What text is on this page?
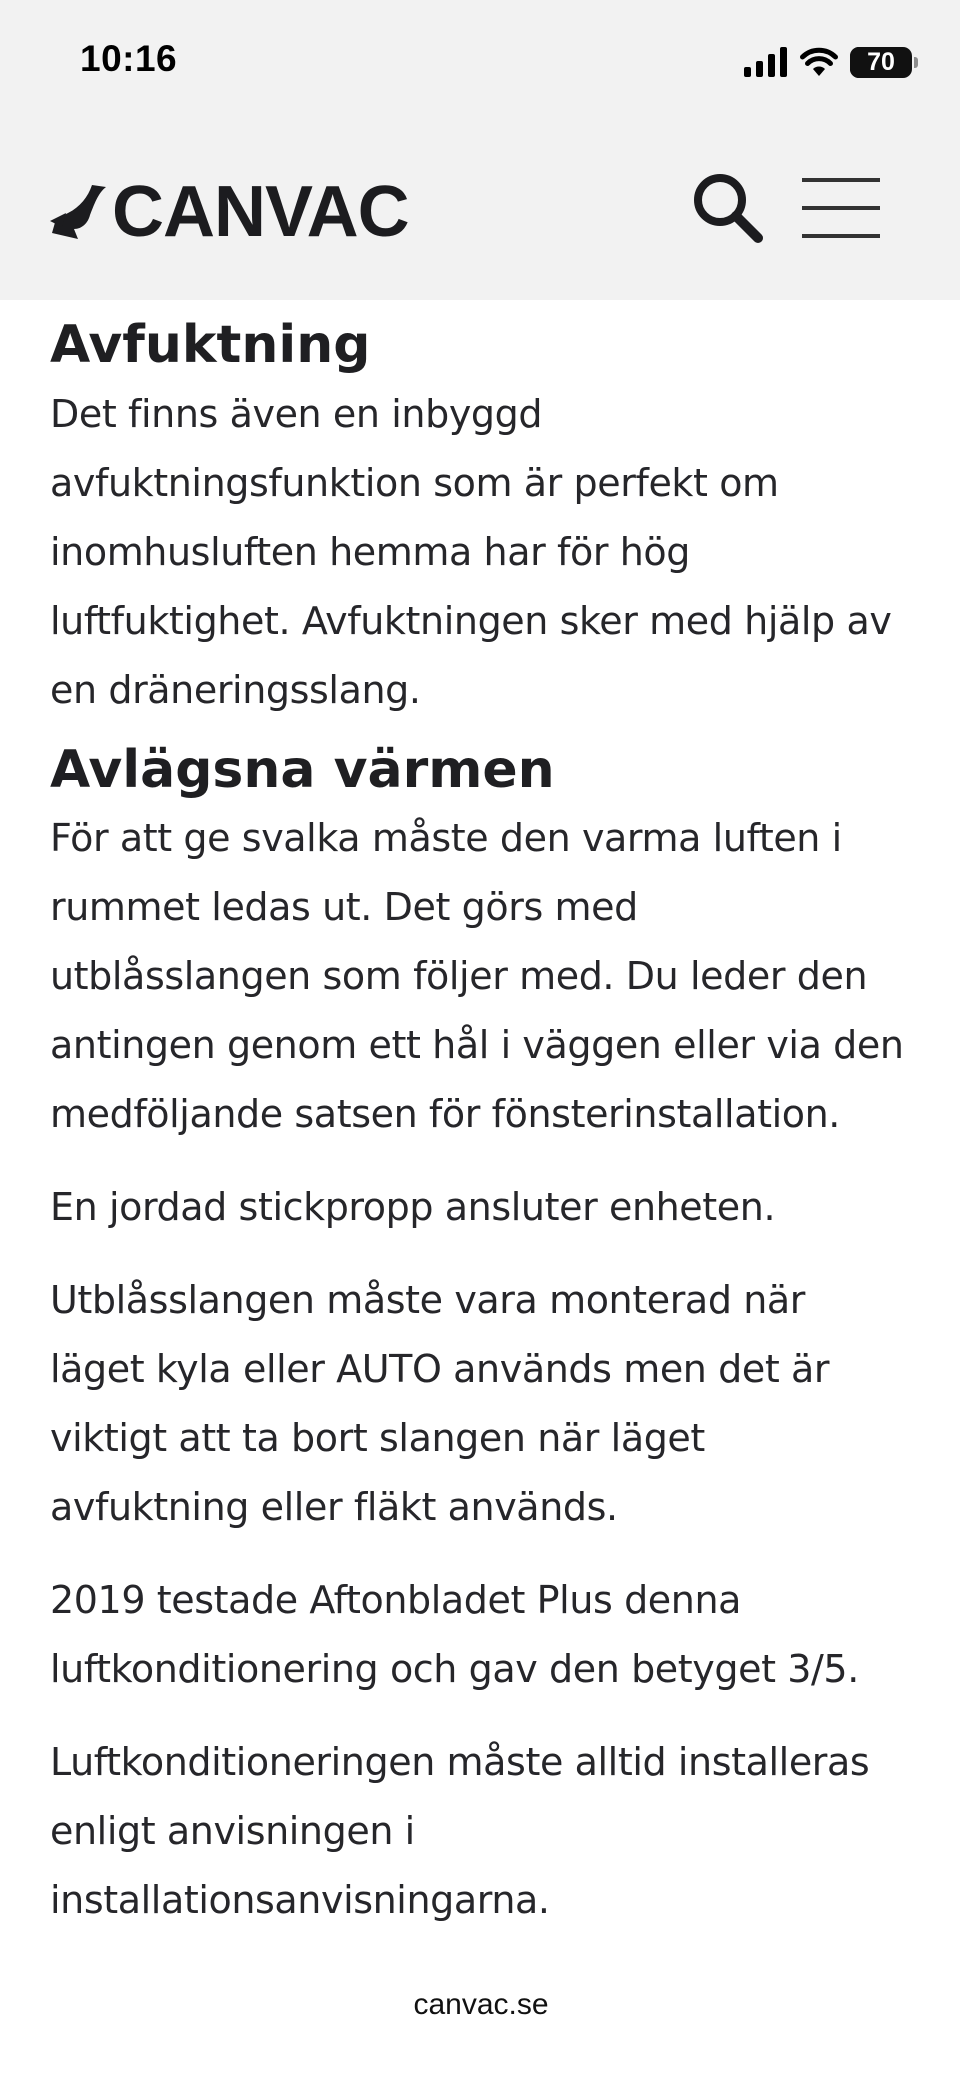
10:16	70
CANVAC
Avfuktning

Det finns även en inbyggd avfuktningsfunktion som är perfekt om inomhusluften hemma har för hög luftfuktighet. Avfuktningen sker med hjälp av en dräneringsslang.

Avlägsna värmen

För att ge svalka måste den varma luften i rummet ledas ut. Det görs med utblåsslangen som följer med. Du leder den antingen genom ett hål i väggen eller via den medföljande satsen för fönsterinstallation.

En jordad stickpropp ansluter enheten.

Utblåsslangen måste vara monterad när läget kyla eller AUTO används men det är viktigt att ta bort slangen när läget avfuktning eller fläkt används.

2019 testade Aftonbladet Plus denna luftkonditionering och gav den betyget 3/5.

Luftkonditioneringen måste alltid installeras enligt anvisningen i installationsanvisningarna.

canvac.se
